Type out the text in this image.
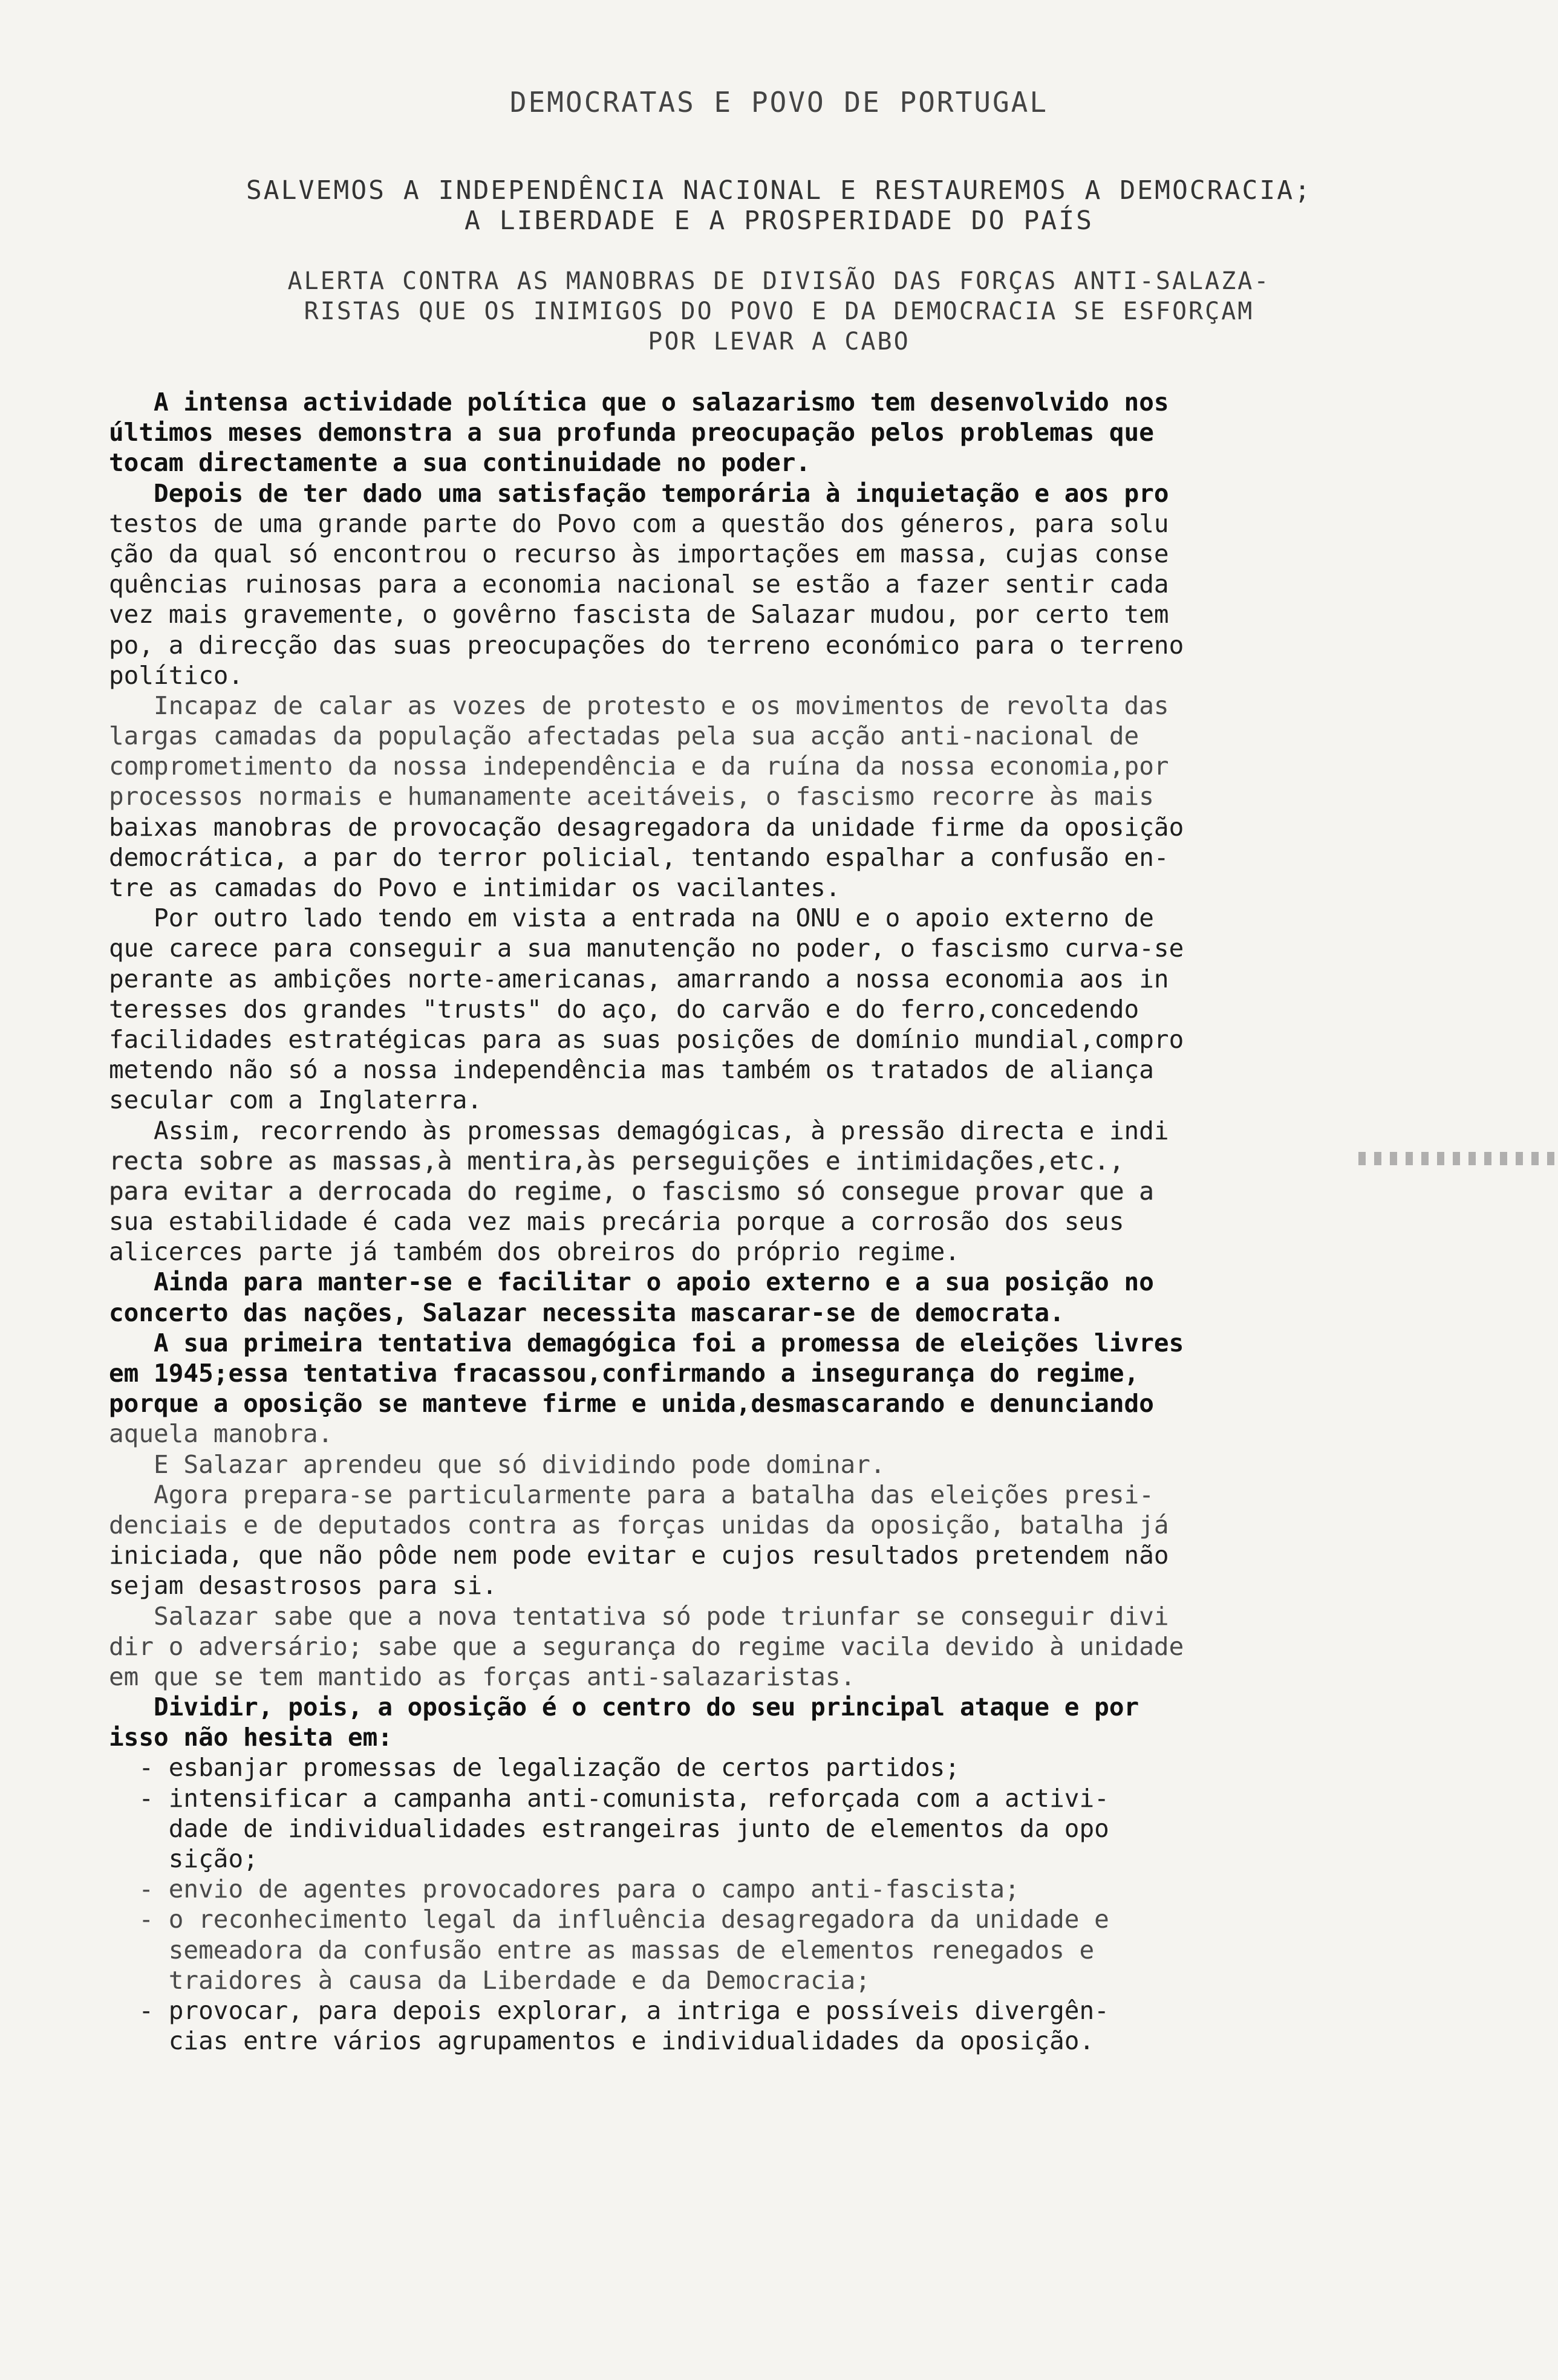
DEMOCRATAS E POVO DE PORTUGAL
SALVEMOS A INDEPENDÊNCIA NACIONAL E RESTAUREMOS A DEMOCRACIA;
A LIBERDADE E A PROSPERIDADE DO PAÍS
ALERTA CONTRA AS MANOBRAS DE DIVISÃO DAS FORÇAS ANTI-SALAZA-
RISTAS QUE OS INIMIGOS DO POVO E DA DEMOCRACIA SE ESFORÇAM
POR LEVAR A CABO
A intensa actividade política que o salazarismo tem desenvolvido nos
últimos meses demonstra a sua profunda preocupação pelos problemas que
tocam directamente a sua continuidade no poder.
Depois de ter dado uma satisfação temporária à inquietação e aos pro
testos de uma grande parte do Povo com a questão dos géneros, para solu
ção da qual só encontrou o recurso às importações em massa, cujas conse
quências ruinosas para a economia nacional se estão a fazer sentir cada
vez mais gravemente, o govêrno fascista de Salazar mudou, por certo tem
po, a direcção das suas preocupações do terreno económico para o terreno
político.
Incapaz de calar as vozes de protesto e os movimentos de revolta das
largas camadas da população afectadas pela sua acção anti-nacional de
comprometimento da nossa independência e da ruína da nossa economia,por
processos normais e humanamente aceitáveis, o fascismo recorre às mais
baixas manobras de provocação desagregadora da unidade firme da oposição
democrática, a par do terror policial, tentando espalhar a confusão en-
tre as camadas do Povo e intimidar os vacilantes.
Por outro lado tendo em vista a entrada na ONU e o apoio externo de
que carece para conseguir a sua manutenção no poder, o fascismo curva-se
perante as ambições norte-americanas, amarrando a nossa economia aos in
teresses dos grandes "trusts" do aço, do carvão e do ferro,concedendo
facilidades estratégicas para as suas posições de domínio mundial,compro
metendo não só a nossa independência mas também os tratados de aliança
secular com a Inglaterra.
Assim, recorrendo às promessas demagógicas, à pressão directa e indi
recta sobre as massas,à mentira,às perseguições e intimidações,etc.,
para evitar a derrocada do regime, o fascismo só consegue provar que a
sua estabilidade é cada vez mais precária porque a corrosão dos seus
alicerces parte já também dos obreiros do próprio regime.
Ainda para manter-se e facilitar o apoio externo e a sua posição no
concerto das nações, Salazar necessita mascarar-se de democrata.
A sua primeira tentativa demagógica foi a promessa de eleições livres
em 1945;essa tentativa fracassou,confirmando a insegurança do regime,
porque a oposição se manteve firme e unida,desmascarando e denunciando
aquela manobra.
E Salazar aprendeu que só dividindo pode dominar.
Agora prepara-se particularmente para a batalha das eleições presi-
denciais e de deputados contra as forças unidas da oposição, batalha já
iniciada, que não pôde nem pode evitar e cujos resultados pretendem não
sejam desastrosos para si.
Salazar sabe que a nova tentativa só pode triunfar se conseguir divi
dir o adversário; sabe que a segurança do regime vacila devido à unidade
em que se tem mantido as forças anti-salazaristas.
Dividir, pois, a oposição é o centro do seu principal ataque e por
isso não hesita em:
- esbanjar promessas de legalização de certos partidos;
- intensificar a campanha anti-comunista, reforçada com a activi-
dade de individualidades estrangeiras junto de elementos da opo
sição;
- envio de agentes provocadores para o campo anti-fascista;
- o reconhecimento legal da influência desagregadora da unidade e
semeadora da confusão entre as massas de elementos renegados e
traidores à causa da Liberdade e da Democracia;
- provocar, para depois explorar, a intriga e possíveis divergên-
cias entre vários agrupamentos e individualidades da oposição.
